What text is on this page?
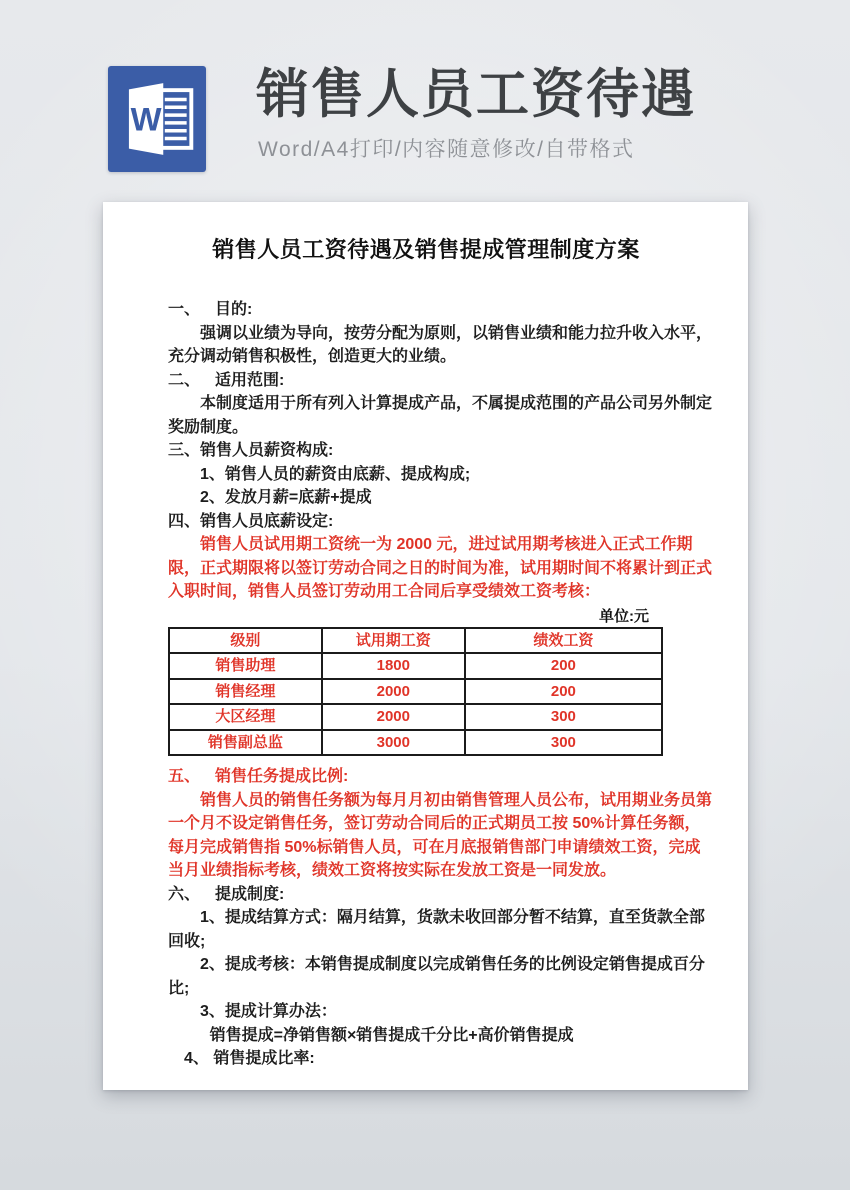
W 销售人员工资待遇

Word/A4打印/内容随意修改/自带格式

销售人员工资待遇及销售提成管理制度方案
一、 目的:

强调以业绩为导向，按劳分配为原则，以销售业绩和能力拉升收入水平，充分调动销售积极性，创造更大的业绩。

二、 适用范围:

本制度适用于所有列入计算提成产品，不属提成范围的产品公司另外制定奖励制度。

三、销售人员薪资构成:

1、销售人员的薪资由底薪、提成构成;

2、发放月薪=底薪+提成

四、销售人员底薪设定:

销售人员试用期工资统一为 2000 元，进过试用期考核进入正式工作期限，正式期限将以签订劳动合同之日的时间为准，试用期时间不将累计到正式入职时间，销售人员签订劳动用工合同后享受绩效工资考核：

单位:元
级别	试用期工资	绩效工资
销售助理	1800	200
销售经理	2000	200
大区经理	2000	300
销售副总监	3000	300
五、 销售任务提成比例:

销售人员的销售任务额为每月月初由销售管理人员公布，试用期业务员第一个月不设定销售任务，签订劳动合同后的正式期员工按 50%计算任务额，每月完成销售指 50%标销售人员，可在月底报销售部门申请绩效工资，完成当月业绩指标考核，绩效工资将按实际在发放工资是一同发放。

六、 提成制度:

1、提成结算方式：隔月结算，货款未收回部分暂不结算，直至货款全部回收;

2、提成考核：本销售提成制度以完成销售任务的比例设定销售提成百分比;

3、提成计算办法：

销售提成=净销售额×销售提成千分比+高价销售提成

4、 销售提成比率:
